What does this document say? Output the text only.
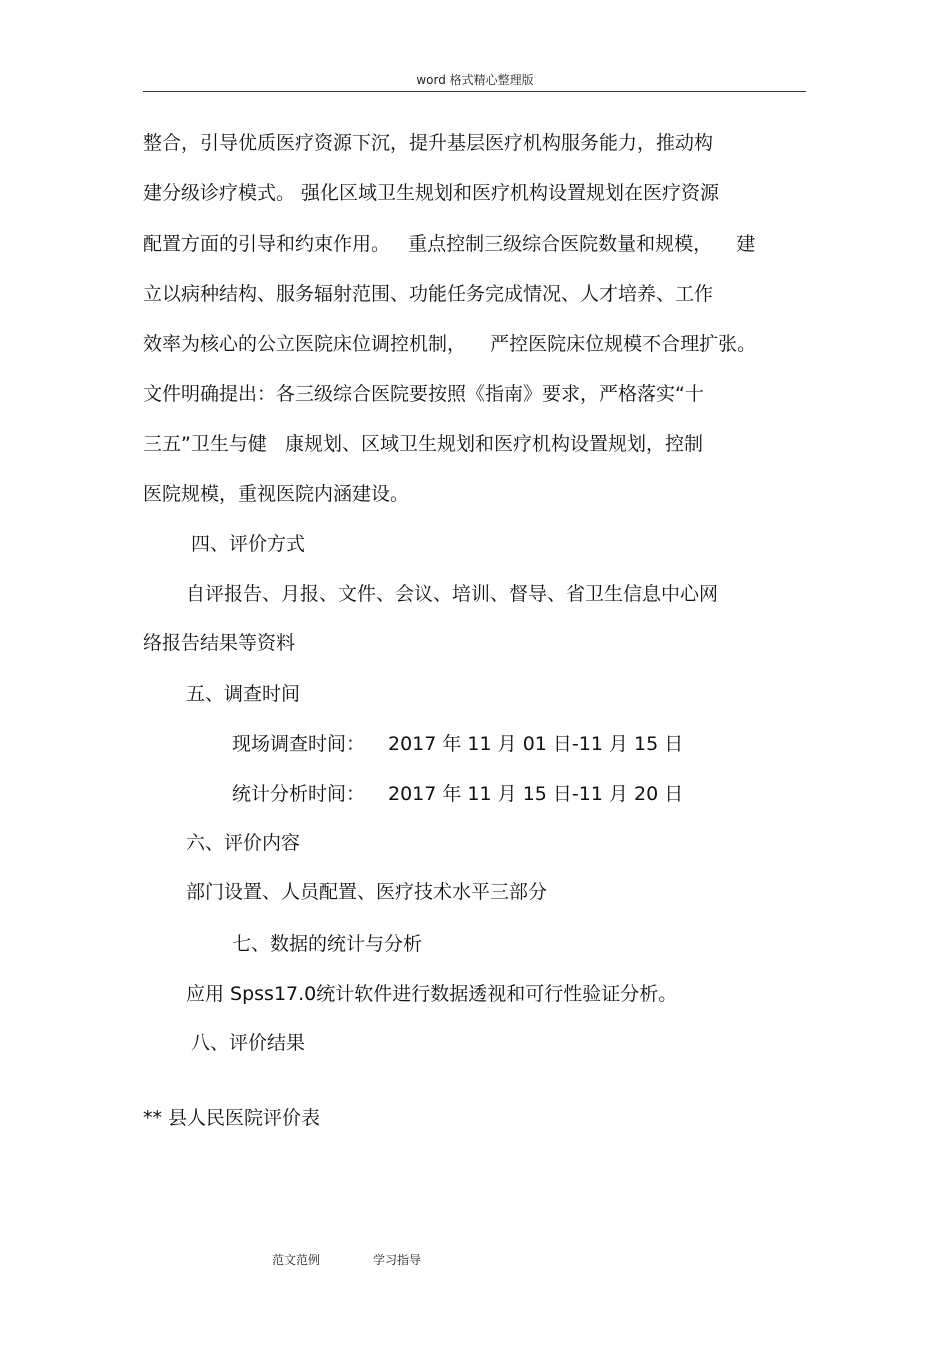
word 格式精心整理版
整合，引导优质医疗资源下沉，提升基层医疗机构服务能力，推动构
建分级诊疗模式。 强化区域卫生规划和医疗机构设置规划在医疗资源
配置方面的引导和约束作用。   重点控制三级综合医院数量和规模，    建
立以病种结构、服务辐射范围、功能任务完成情况、人才培养、工作
效率为核心的公立医院床位调控机制，    严控医院床位规模不合理扩张。
文件明确提出：各三级综合医院要按照《指南》要求，严格落实“十
三五”卫生与健   康规划、区域卫生规划和医疗机构设置规划，控制
医院规模，重视医院内涵建设。
四、评价方式
自评报告、月报、文件、会议、培训、督导、省卫生信息中心网
络报告结果等资料
五、调查时间
现场调查时间： 2017 年 11 月 01 日-11 月 15 日
统计分析时间： 2017 年 11 月 15 日-11 月 20 日
六、评价内容
部门设置、人员配置、医疗技术水平三部分
七、数据的统计与分析
应用 Spss17.0统计软件进行数据透视和可行性验证分析。
八、评价结果
** 县人民医院评价表
范文范例	学习指导
